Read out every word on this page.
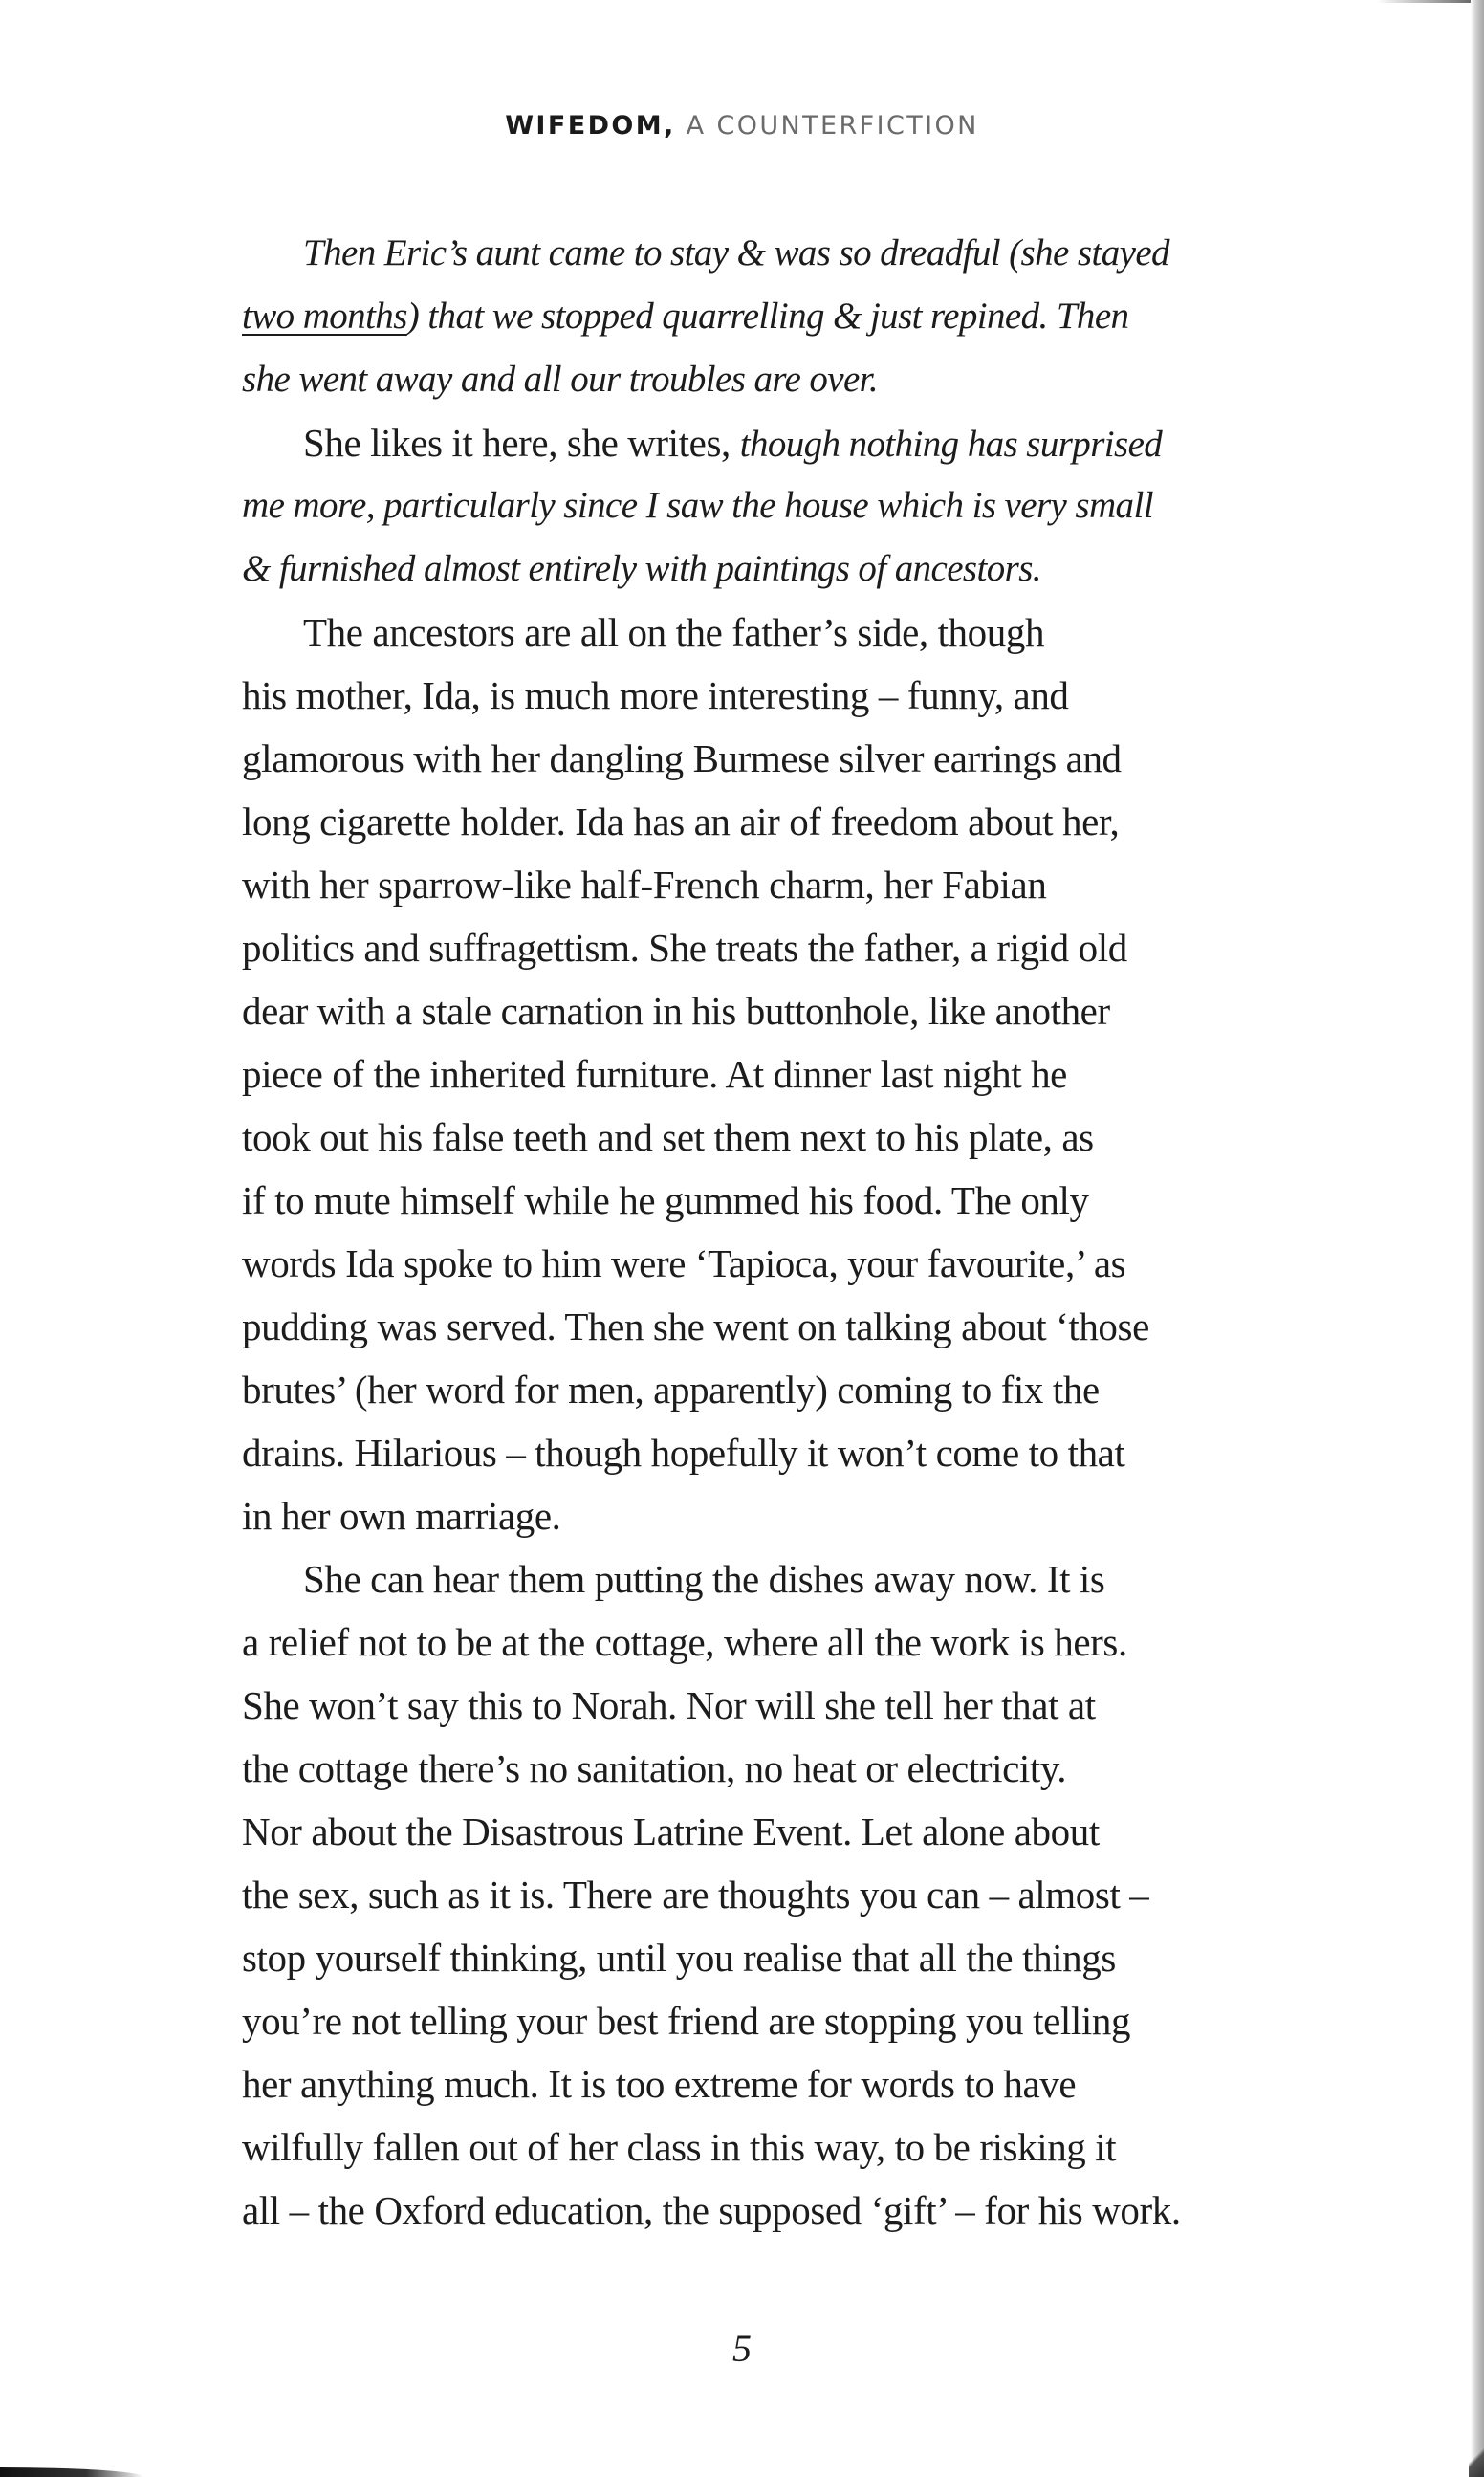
WIFEDOM, A COUNTERFICTION
Then Eric’s aunt came to stay & was so dreadful (she stayed
two months) that we stopped quarrelling & just repined. Then
she went away and all our troubles are over.
She likes it here, she writes, though nothing has surprised
me more, particularly since I saw the house which is very small
& furnished almost entirely with paintings of ancestors.
The ancestors are all on the father’s side, though
his mother, Ida, is much more interesting – funny, and
glamorous with her dangling Burmese silver earrings and
long cigarette holder. Ida has an air of freedom about her,
with her sparrow-like half-French charm, her Fabian
politics and suffragettism. She treats the father, a rigid old
dear with a stale carnation in his buttonhole, like another
piece of the inherited furniture. At dinner last night he
took out his false teeth and set them next to his plate, as
if to mute himself while he gummed his food. The only
words Ida spoke to him were ‘Tapioca, your favourite,’ as
pudding was served. Then she went on talking about ‘those
brutes’ (her word for men, apparently) coming to fix the
drains. Hilarious – though hopefully it won’t come to that
in her own marriage.
She can hear them putting the dishes away now. It is
a relief not to be at the cottage, where all the work is hers.
She won’t say this to Norah. Nor will she tell her that at
the cottage there’s no sanitation, no heat or electricity.
Nor about the Disastrous Latrine Event. Let alone about
the sex, such as it is. There are thoughts you can – almost –
stop yourself thinking, until you realise that all the things
you’re not telling your best friend are stopping you telling
her anything much. It is too extreme for words to have
wilfully fallen out of her class in this way, to be risking it
all – the Oxford education, the supposed ‘gift’ – for his work.
5
